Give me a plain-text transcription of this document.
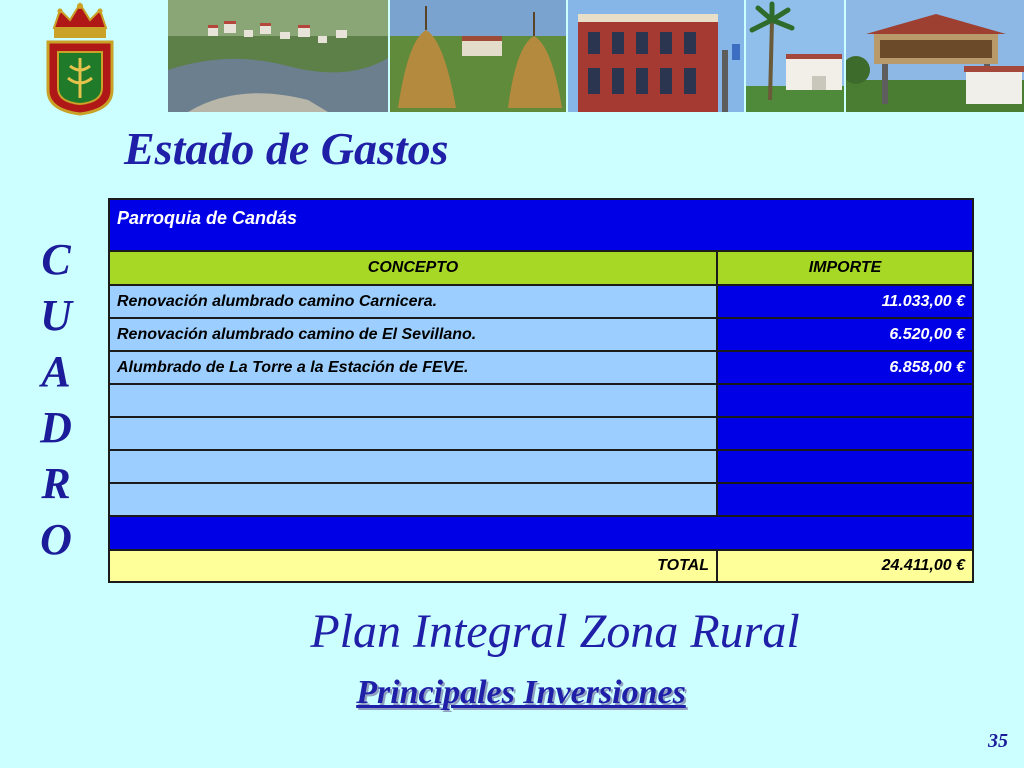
Estado de Gastos
C
U
A
D
R
O
Parroquia de Candás	
CONCEPTO	IMPORTE
Renovación alumbrado camino Carnicera.	11.033,00 €
Renovación alumbrado camino de El Sevillano.	6.520,00 €
Alumbrado de La Torre a la Estación de FEVE.	6.858,00 €

TOTAL	24.411,00 €
Plan Integral Zona Rural
Principales Inversiones
35
